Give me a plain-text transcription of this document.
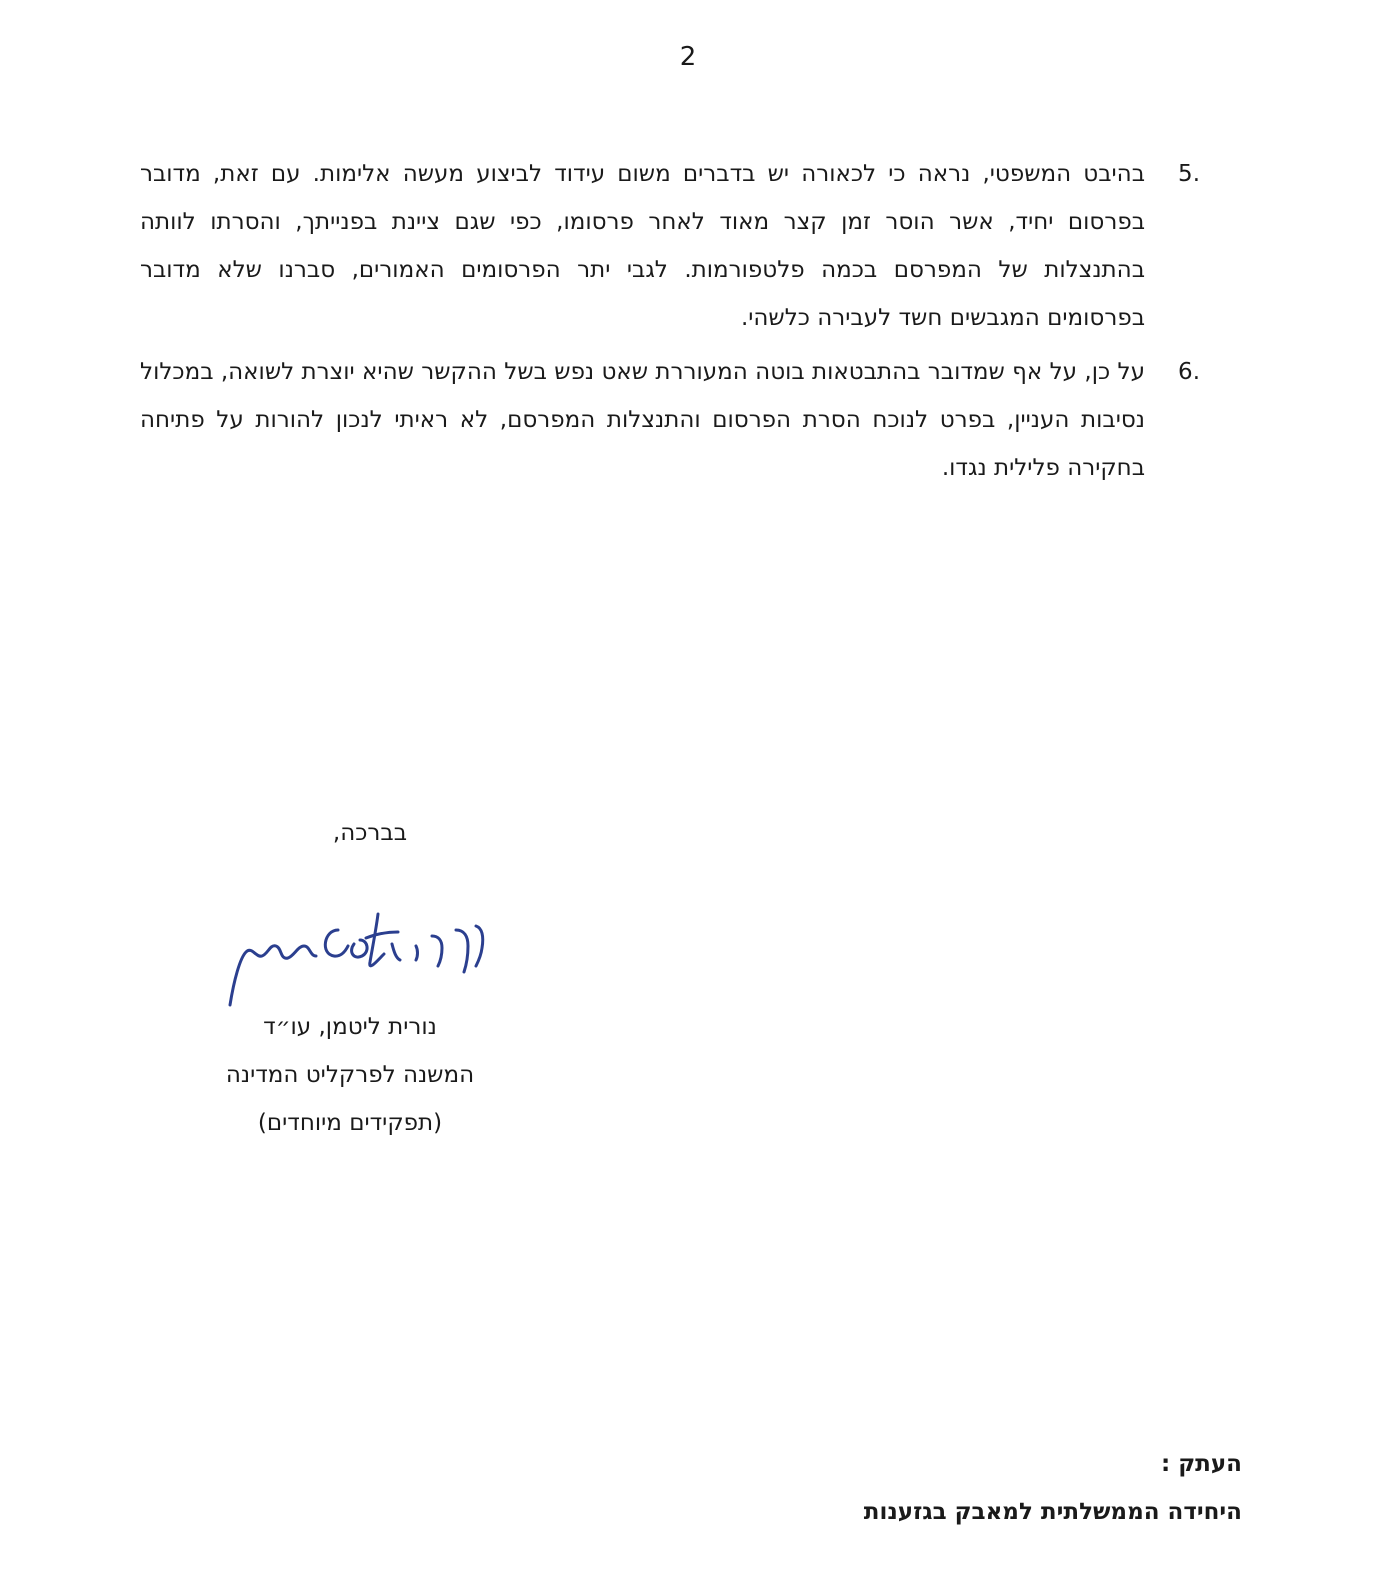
2
.5
בהיבט המשפטי, נראה כי לכאורה יש בדברים משום עידוד לביצוע מעשה אלימות. עם זאת, מדובר בפרסום יחיד, אשר הוסר זמן קצר מאוד לאחר פרסומו, כפי שגם ציינת בפנייתך, והסרתו לוותה בהתנצלות של המפרסם בכמה פלטפורמות. לגבי יתר הפרסומים האמורים, סברנו שלא מדובר בפרסומים המגבשים חשד לעבירה כלשהי.
.6
על כן, על אף שמדובר בהתבטאות בוטה המעוררת שאט נפש בשל ההקשר שהיא יוצרת לשואה, במכלול נסיבות העניין, בפרט לנוכח הסרת הפרסום והתנצלות המפרסם, לא ראיתי לנכון להורות על פתיחה בחקירה פלילית נגדו.
בברכה,
נורית ליטמן, עו״ד
המשנה לפרקליט המדינה
(תפקידים מיוחדים)
העתק :
היחידה הממשלתית למאבק בגזענות
